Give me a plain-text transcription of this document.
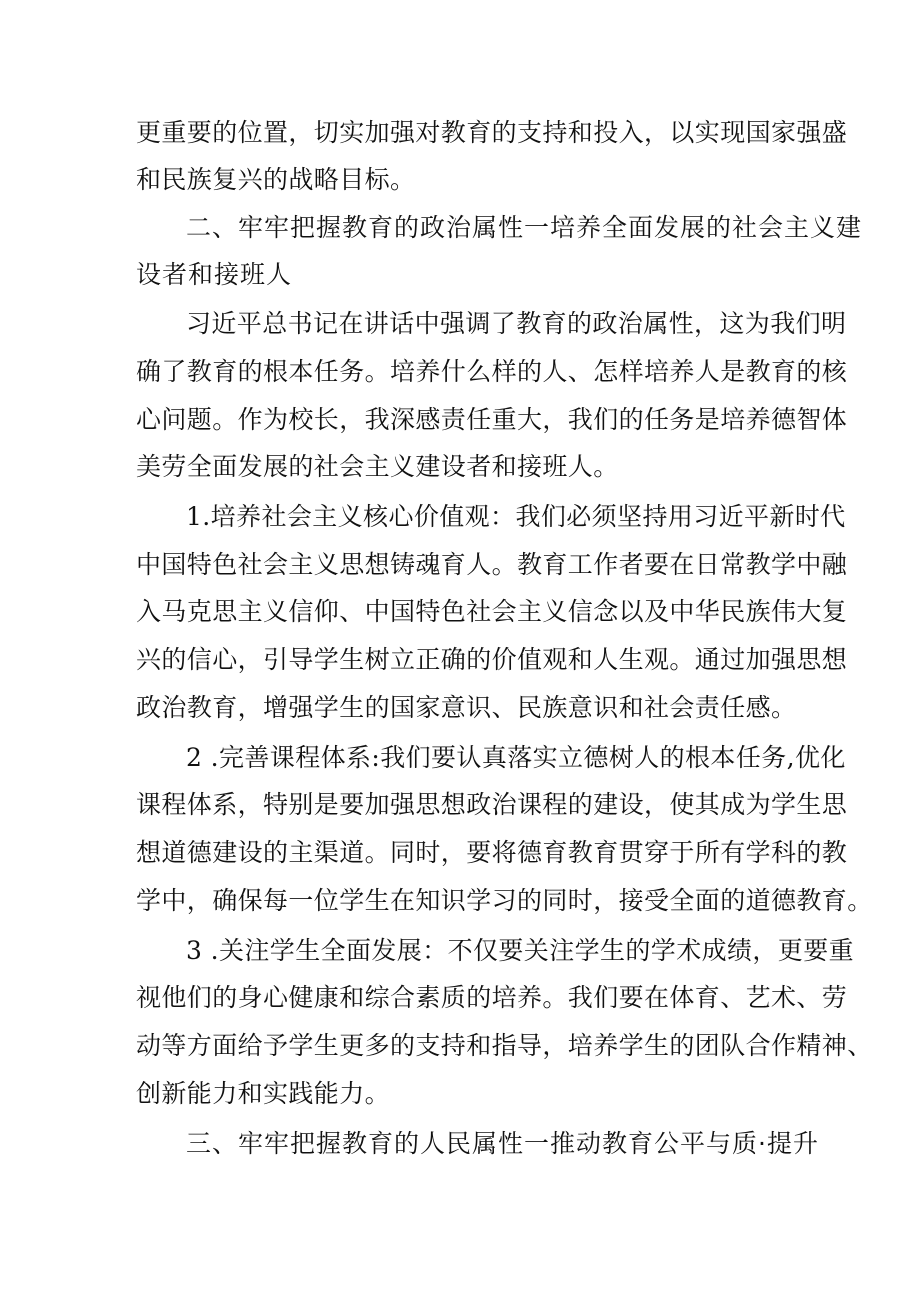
更重要的位置，切实加强对教育的支持和投入，以实现国家强盛
和民族复兴的战略目标。
二、牢牢把握教育的政治属性一培养全面发展的社会主义建
设者和接班人
习近平总书记在讲话中强调了教育的政治属性，这为我们明
确了教育的根本任务。培养什么样的人、怎样培养人是教育的核
心问题。作为校长，我深感责任重大，我们的任务是培养德智体
美劳全面发展的社会主义建设者和接班人。
1.培养社会主义核心价值观：我们必须坚持用习近平新时代
中国特色社会主义思想铸魂育人。教育工作者要在日常教学中融
入马克思主义信仰、中国特色社会主义信念以及中华民族伟大复
兴的信心，引导学生树立正确的价值观和人生观。通过加强思想
政治教育，增强学生的国家意识、民族意识和社会责任感。
2 .完善课程体系:我们要认真落实立德树人的根本任务,优化
课程体系，特别是要加强思想政治课程的建设，使其成为学生思
想道德建设的主渠道。同时，要将德育教育贯穿于所有学科的教
学中，确保每一位学生在知识学习的同时，接受全面的道德教育。
3 .关注学生全面发展：不仅要关注学生的学术成绩，更要重
视他们的身心健康和综合素质的培养。我们要在体育、艺术、劳
动等方面给予学生更多的支持和指导，培养学生的团队合作精神、
创新能力和实践能力。
三、牢牢把握教育的人民属性一推动教育公平与质·提升
